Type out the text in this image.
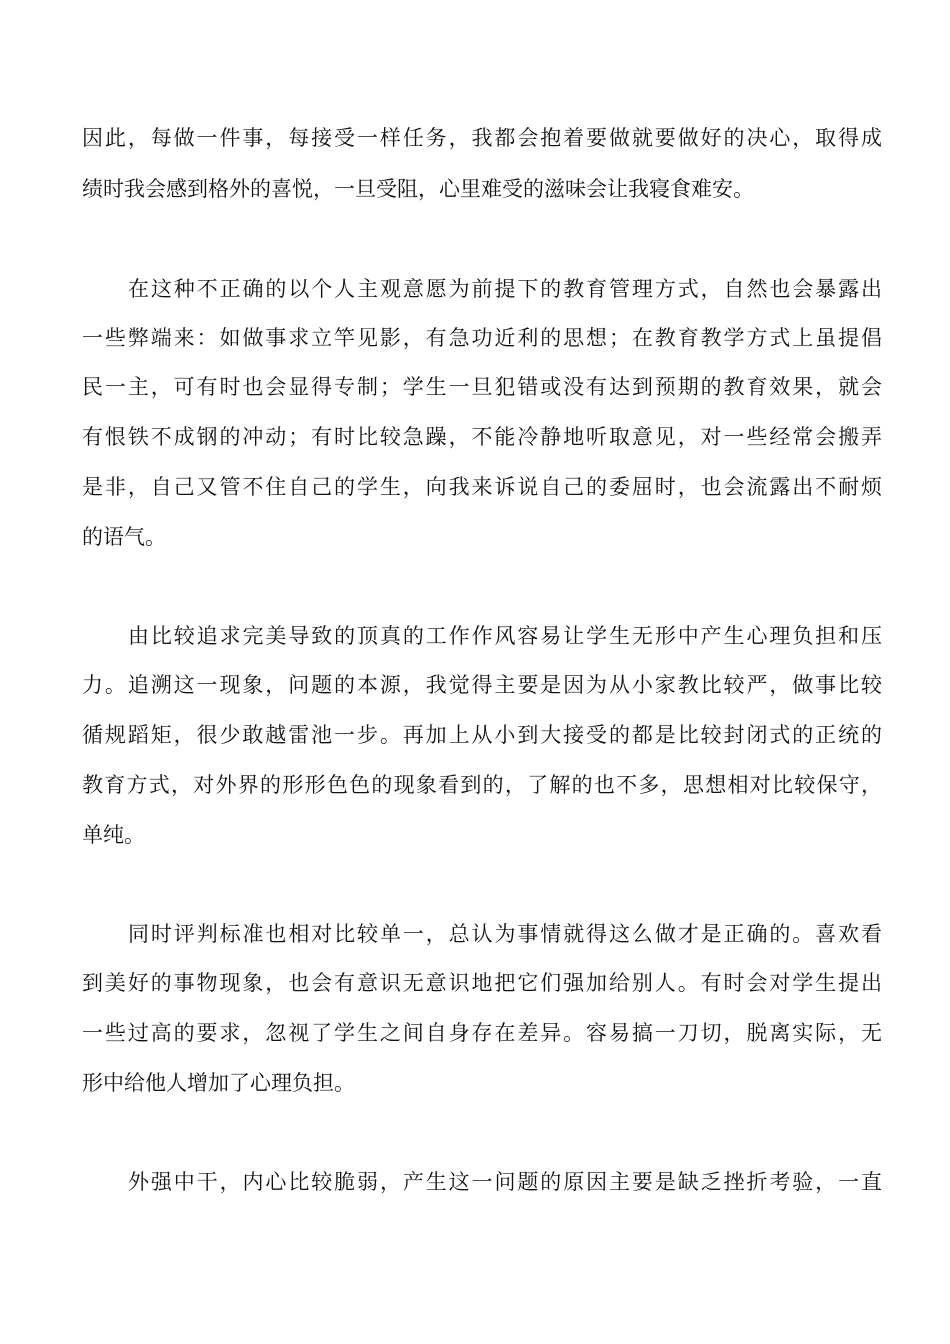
因此，每做一件事，每接受一样任务，我都会抱着要做就要做好的决心，取得成
绩时我会感到格外的喜悦，一旦受阻，心里难受的滋味会让我寝食难安。
在这种不正确的以个人主观意愿为前提下的教育管理方式，自然也会暴露出
一些弊端来：如做事求立竿见影，有急功近利的思想；在教育教学方式上虽提倡
民一主，可有时也会显得专制；学生一旦犯错或没有达到预期的教育效果，就会
有恨铁不成钢的冲动；有时比较急躁，不能冷静地听取意见，对一些经常会搬弄
是非，自己又管不住自己的学生，向我来诉说自己的委屈时，也会流露出不耐烦
的语气。
由比较追求完美导致的顶真的工作作风容易让学生无形中产生心理负担和压
力。追溯这一现象，问题的本源，我觉得主要是因为从小家教比较严，做事比较
循规蹈矩，很少敢越雷池一步。再加上从小到大接受的都是比较封闭式的正统的
教育方式，对外界的形形色色的现象看到的，了解的也不多，思想相对比较保守，
单纯。
同时评判标准也相对比较单一，总认为事情就得这么做才是正确的。喜欢看
到美好的事物现象，也会有意识无意识地把它们强加给别人。有时会对学生提出
一些过高的要求，忽视了学生之间自身存在差异。容易搞一刀切，脱离实际，无
形中给他人增加了心理负担。
外强中干，内心比较脆弱，产生这一问题的原因主要是缺乏挫折考验，一直
